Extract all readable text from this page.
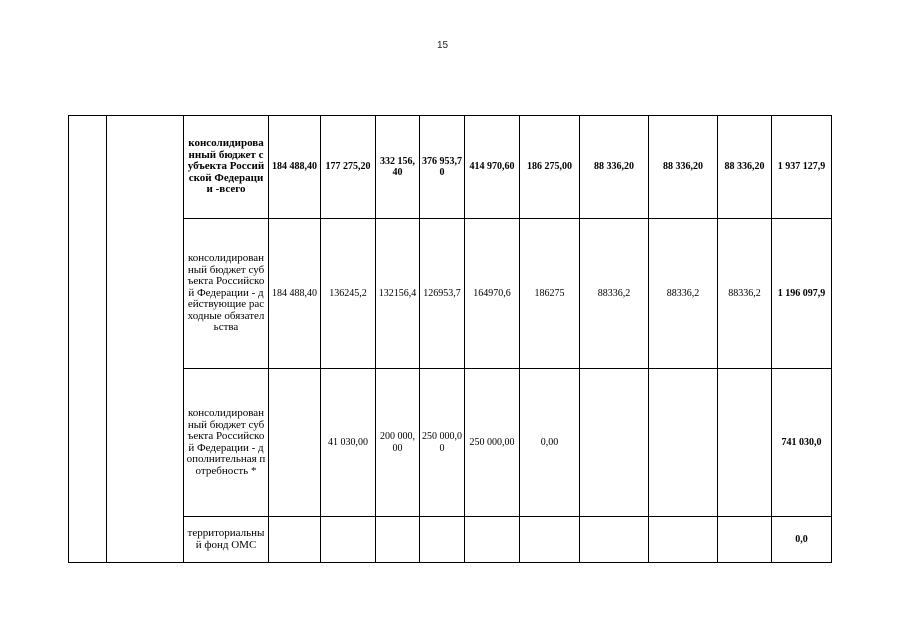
15
		консолидированный бюджет субъекта Российской Федерации -всего	184 488,40	177 275,20	332 156,40	376 953,70	414 970,60	186 275,00	88 336,20	88 336,20	88 336,20	1 937 127,9
		консолидированный бюджет субъекта Российской Федерации - действующие расходные обязательства	184 488,40	136245,2	132156,4	126953,7	164970,6	186275	88336,2	88336,2	88336,2	1 196 097,9
		консолидированный бюджет субъекта Российской Федерации - дополнительная потребность *		41 030,00	200 000,00	250 000,00	250 000,00	0,00				741 030,0
		территориальный фонд ОМС										0,0
